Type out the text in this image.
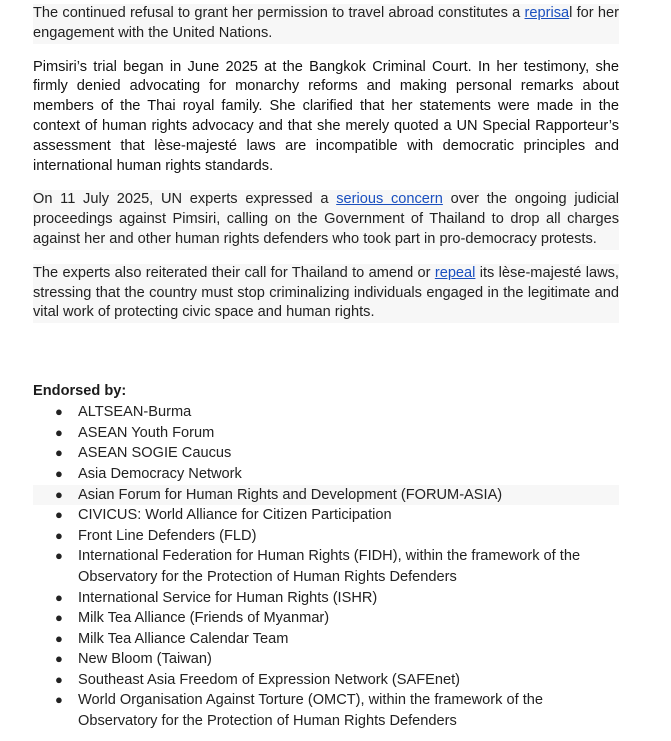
The continued refusal to grant her permission to travel abroad constitutes a reprisal for her engagement with the United Nations.

Pimsiri’s trial began in June 2025 at the Bangkok Criminal Court. In her testimony, she firmly denied advocating for monarchy reforms and making personal remarks about members of the Thai royal family. She clarified that her statements were made in the context of human rights advocacy and that she merely quoted a UN Special Rapporteur’s assessment that lèse-majesté laws are incompatible with democratic principles and international human rights standards.

On 11 July 2025, UN experts expressed a serious concern over the ongoing judicial proceedings against Pimsiri, calling on the Government of Thailand to drop all charges against her and other human rights defenders who took part in pro-democracy protests.

The experts also reiterated their call for Thailand to amend or repeal its lèse-majesté laws, stressing that the country must stop criminalizing individuals engaged in the legitimate and vital work of protecting civic space and human rights.

Endorsed by:
● ALTSEAN-Burma
● ASEAN Youth Forum
● ASEAN SOGIE Caucus
● Asia Democracy Network
● Asian Forum for Human Rights and Development (FORUM-ASIA)
● CIVICUS: World Alliance for Citizen Participation
● Front Line Defenders (FLD)
● International Federation for Human Rights (FIDH), within the framework of the Observatory for the Protection of Human Rights Defenders
● International Service for Human Rights (ISHR)
● Milk Tea Alliance (Friends of Myanmar)
● Milk Tea Alliance Calendar Team
● New Bloom (Taiwan)
● Southeast Asia Freedom of Expression Network (SAFEnet)
● World Organisation Against Torture (OMCT), within the framework of the Observatory for the Protection of Human Rights Defenders
